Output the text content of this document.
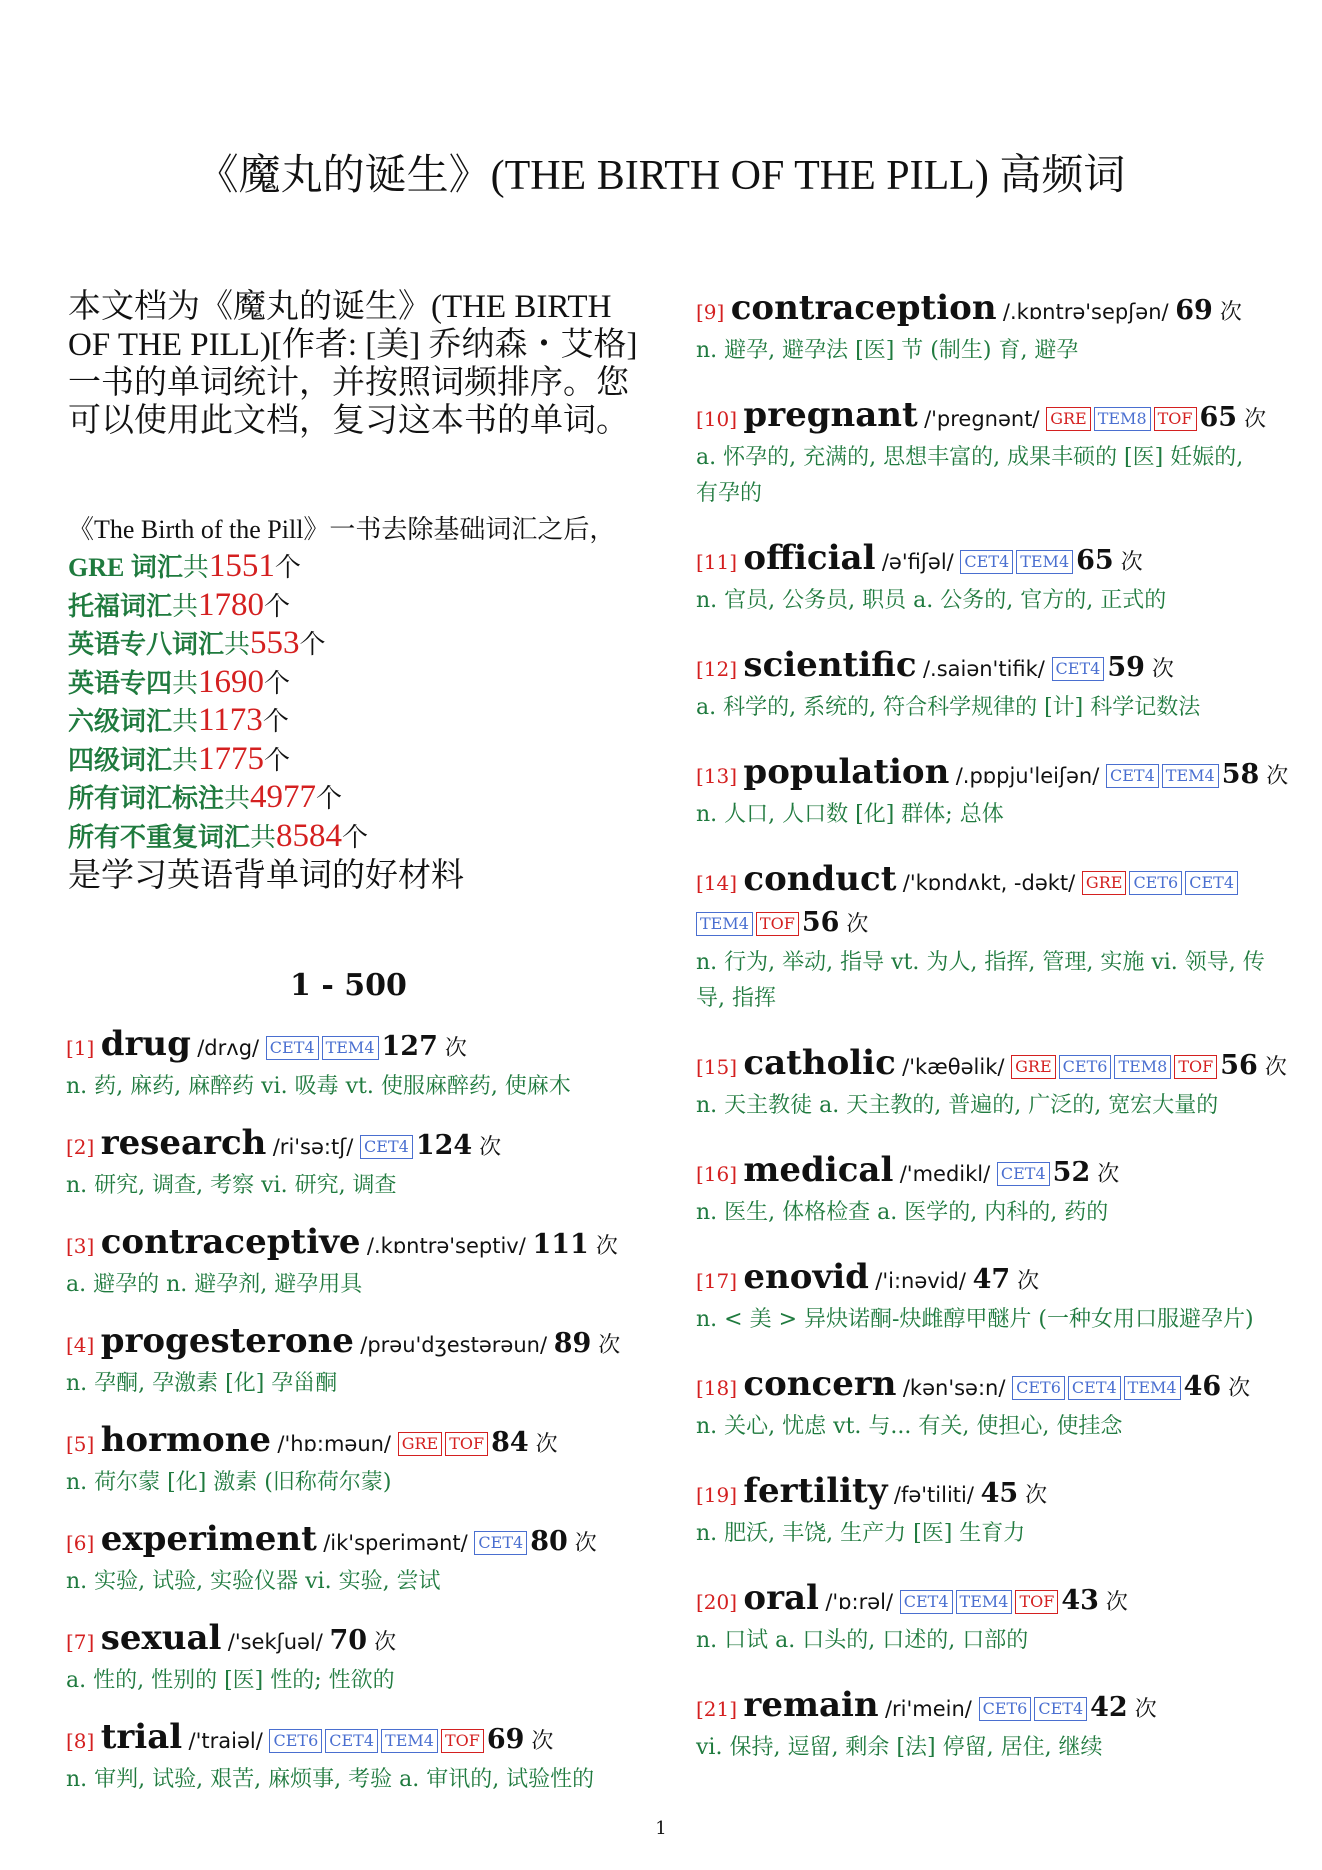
《魔丸的诞生》(THE BIRTH OF THE PILL) 高频词
本文档为《魔丸的诞生》(THE BIRTH OF THE PILL)[作者: [美] 乔纳森・艾格] 一书的单词统计，并按照词频排序。您可以使用此文档，复习这本书的单词。
《The Birth of the Pill》一书去除基础词汇之后，
GRE 词汇共1551个
托福词汇共1780个
英语专八词汇共553个
英语专四共1690个
六级词汇共1173个
四级词汇共1775个
所有词汇标注共4977个
所有不重复词汇共8584个
是学习英语背单词的好材料
1 - 500
[1] drug /drʌg/ CET4 TEM4 127 次
n. 药, 麻药, 麻醉药 vi. 吸毒 vt. 使服麻醉药, 使麻木
[2] research /ri'sə:tʃ/ CET4 124 次
n. 研究, 调查, 考察 vi. 研究, 调查
[3] contraceptive /.kɒntrə'septiv/ 111 次
a. 避孕的 n. 避孕剂, 避孕用具
[4] progesterone /prəu'dʒestərəun/ 89 次
n. 孕酮, 孕激素 [化] 孕甾酮
[5] hormone /'hɒ:məun/ GRE TOF 84 次
n. 荷尔蒙 [化] 激素 (旧称荷尔蒙)
[6] experiment /ik'sperimənt/ CET4 80 次
n. 实验, 试验, 实验仪器 vi. 实验, 尝试
[7] sexual /'sekʃuəl/ 70 次
a. 性的, 性别的 [医] 性的; 性欲的
[8] trial /'traiəl/ CET6 CET4 TEM4 TOF 69 次
n. 审判, 试验, 艰苦, 麻烦事, 考验 a. 审讯的, 试验性的
[9] contraception /.kɒntrə'sepʃən/ 69 次
n. 避孕, 避孕法 [医] 节 (制生) 育, 避孕
[10] pregnant /'pregnənt/ GRE TEM8 TOF 65 次
a. 怀孕的, 充满的, 思想丰富的, 成果丰硕的 [医] 妊娠的, 有孕的
[11] official /ə'fiʃəl/ CET4 TEM4 65 次
n. 官员, 公务员, 职员 a. 公务的, 官方的, 正式的
[12] scientific /.saiən'tifik/ CET4 59 次
a. 科学的, 系统的, 符合科学规律的 [计] 科学记数法
[13] population /.pɒpju'leiʃən/ CET4 TEM4 58 次
n. 人口, 人口数 [化] 群体; 总体
[14] conduct /'kɒndʌkt, -dəkt/ GRE CET6 CET4TEM4 TOF 56 次
n. 行为, 举动, 指导 vt. 为人, 指挥, 管理, 实施 vi. 领导, 传导, 指挥
[15] catholic /'kæθəlik/ GRE CET6 TEM8 TOF 56 次
n. 天主教徒 a. 天主教的, 普遍的, 广泛的, 宽宏大量的
[16] medical /'medikl/ CET4 52 次
n. 医生, 体格检查 a. 医学的, 内科的, 药的
[17] enovid /'i:nəvid/ 47 次
n. < 美 > 异炔诺酮-炔雌醇甲醚片 (一种女用口服避孕片)
[18] concern /kən'sə:n/ CET6 CET4 TEM4 46 次
n. 关心, 忧虑 vt. 与... 有关, 使担心, 使挂念
[19] fertility /fə'tiliti/ 45 次
n. 肥沃, 丰饶, 生产力 [医] 生育力
[20] oral /'ɒ:rəl/ CET4 TEM4 TOF 43 次
n. 口试 a. 口头的, 口述的, 口部的
[21] remain /ri'mein/ CET6 CET4 42 次
vi. 保持, 逗留, 剩余 [法] 停留, 居住, 继续
1
